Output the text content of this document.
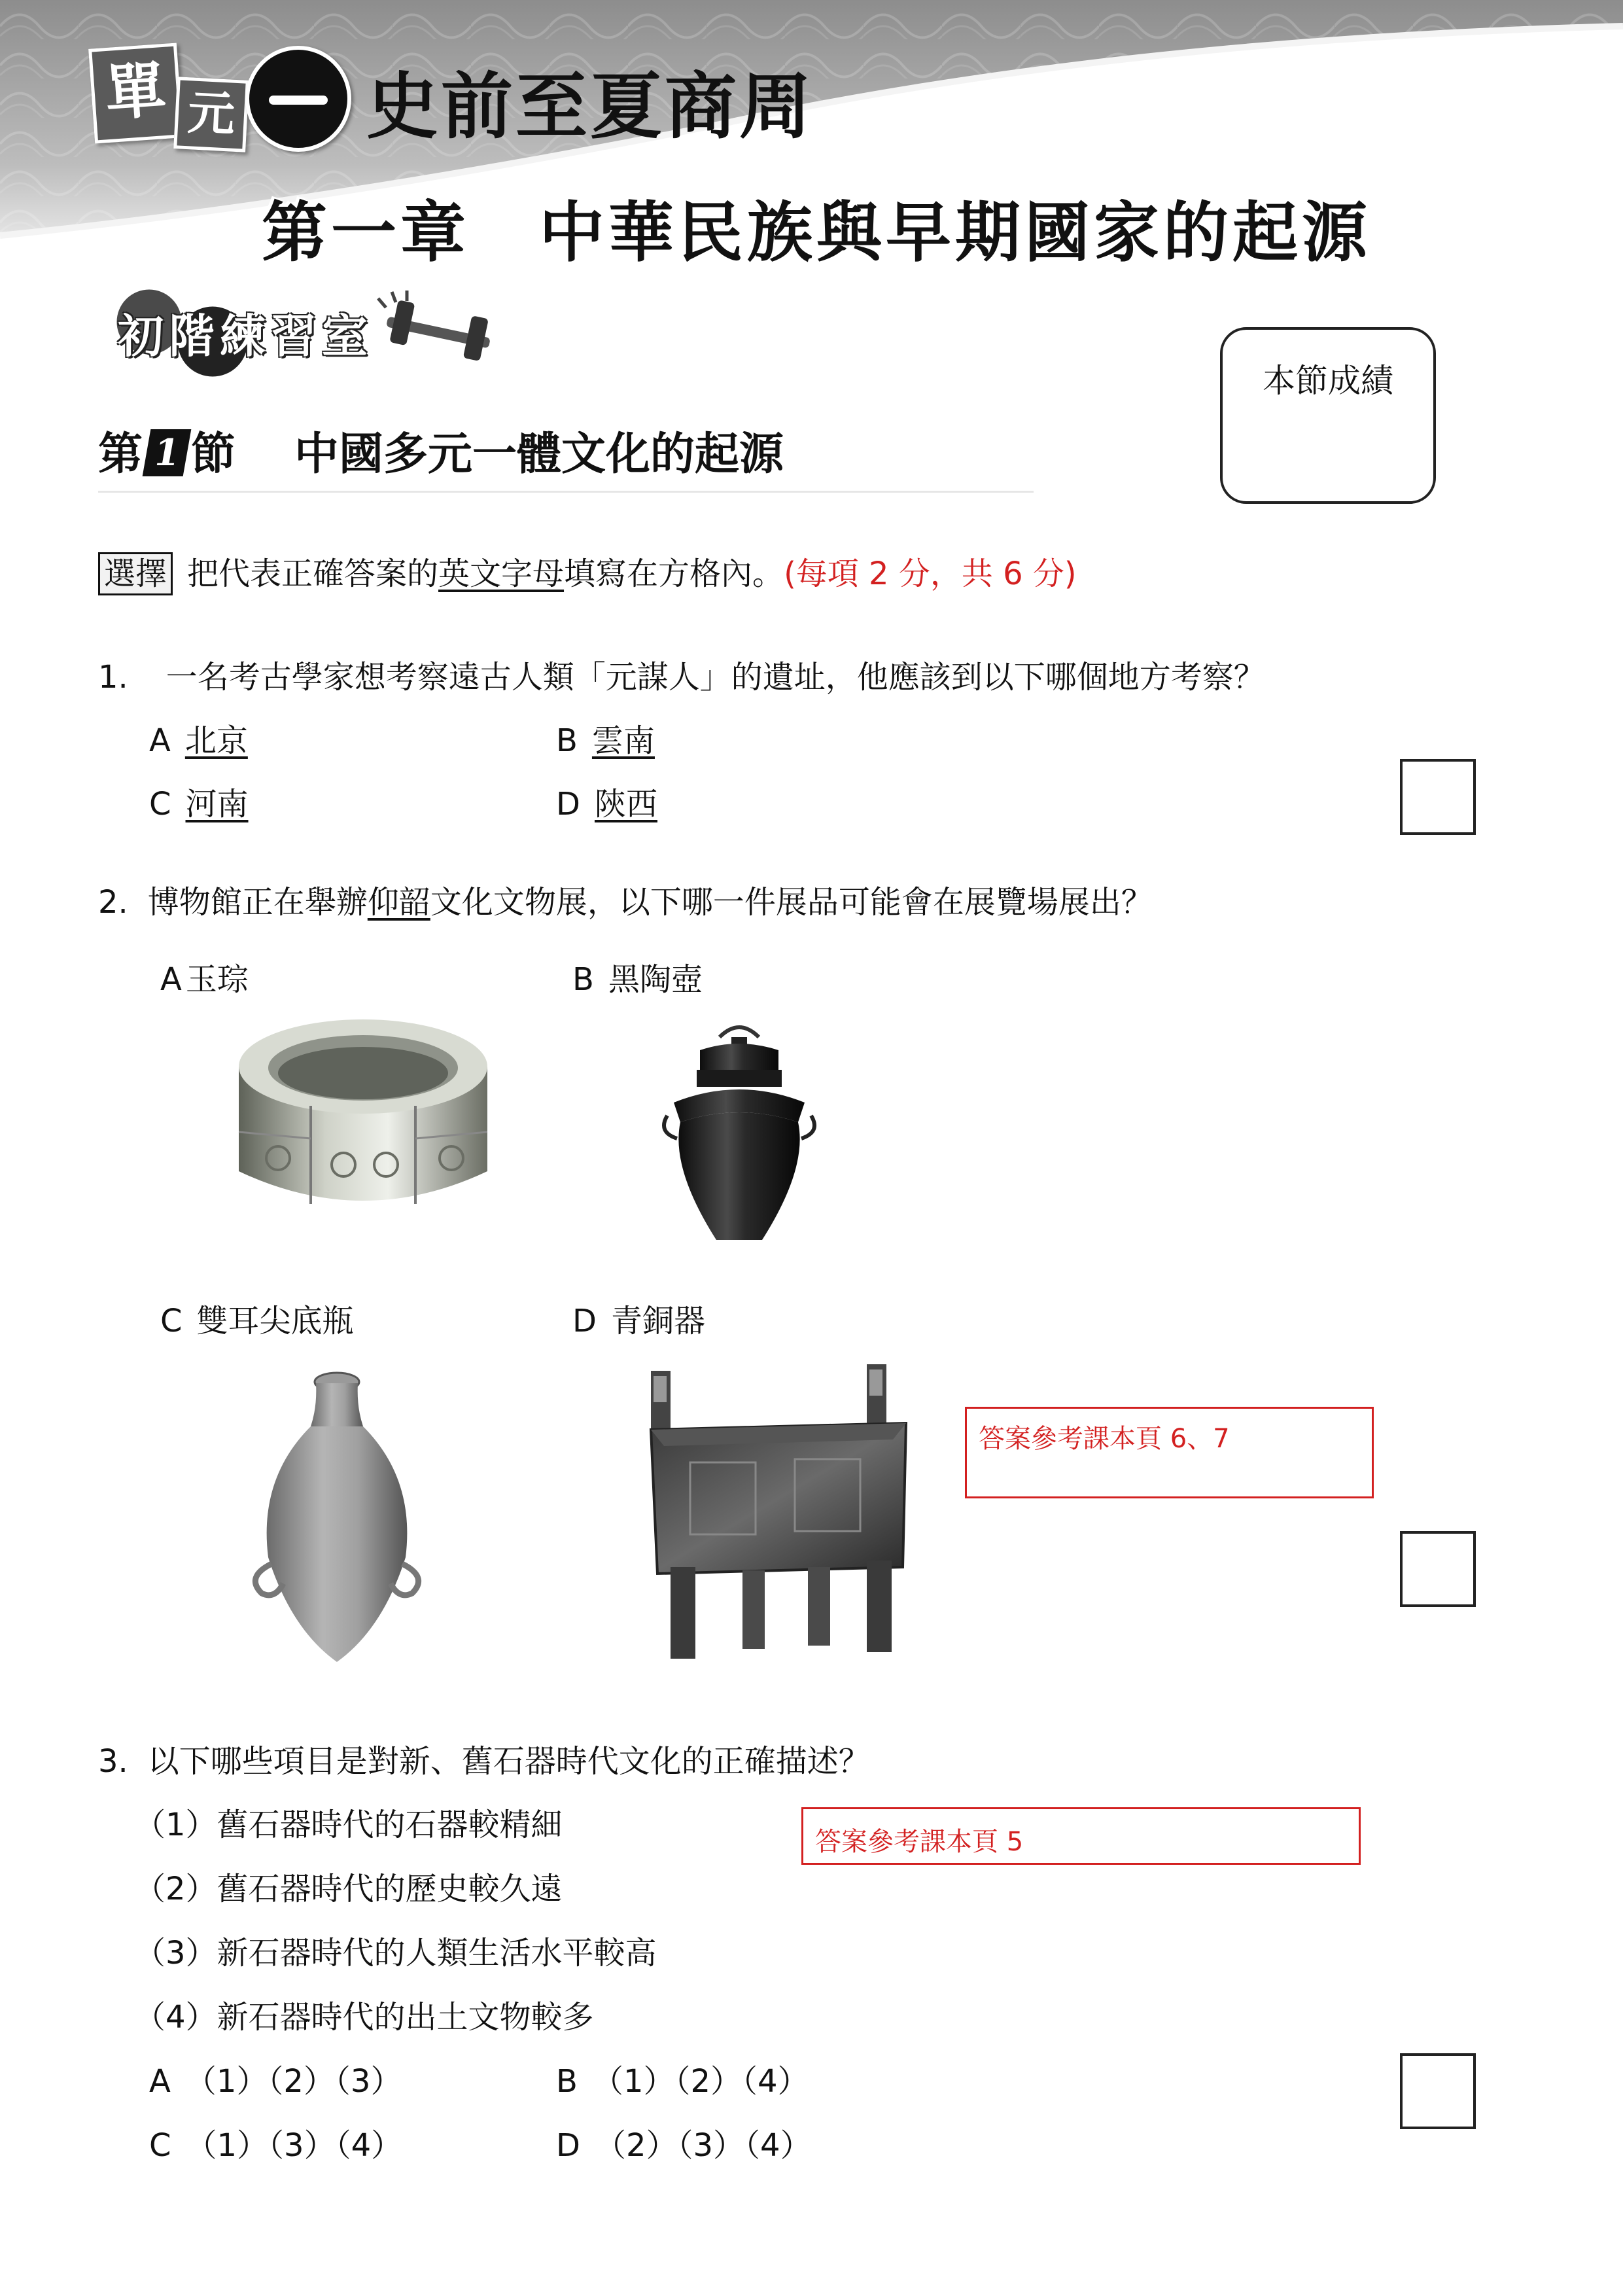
單 元 史前至夏商周
第一章　中華民族與早期國家的起源
初階練習室
本節成績
第 1 節 中國多元一體文化的起源
選擇 把代表正確答案的英文字母填寫在方格內。(每項 2 分，共 6 分)
1. 一名考古學家想考察遠古人類「元謀人」的遺址，他應該到以下哪個地方考察？
A 北京	B 雲南
C 河南	D 陝西
2. 博物館正在舉辦仰韶文化文物展，以下哪一件展品可能會在展覽場展出？
A 玉琮	B 黑陶壺
C 雙耳尖底瓶	D 青銅器
答案參考課本頁 6、7
3. 以下哪些項目是對新、舊石器時代文化的正確描述？
（1）舊石器時代的石器較精細
（2）舊石器時代的歷史較久遠
（3）新石器時代的人類生活水平較高
（4）新石器時代的出土文物較多
答案參考課本頁 5
A （1）（2）（3）	B （1）（2）（4）
C （1）（3）（4）	D （2）（3）（4）
